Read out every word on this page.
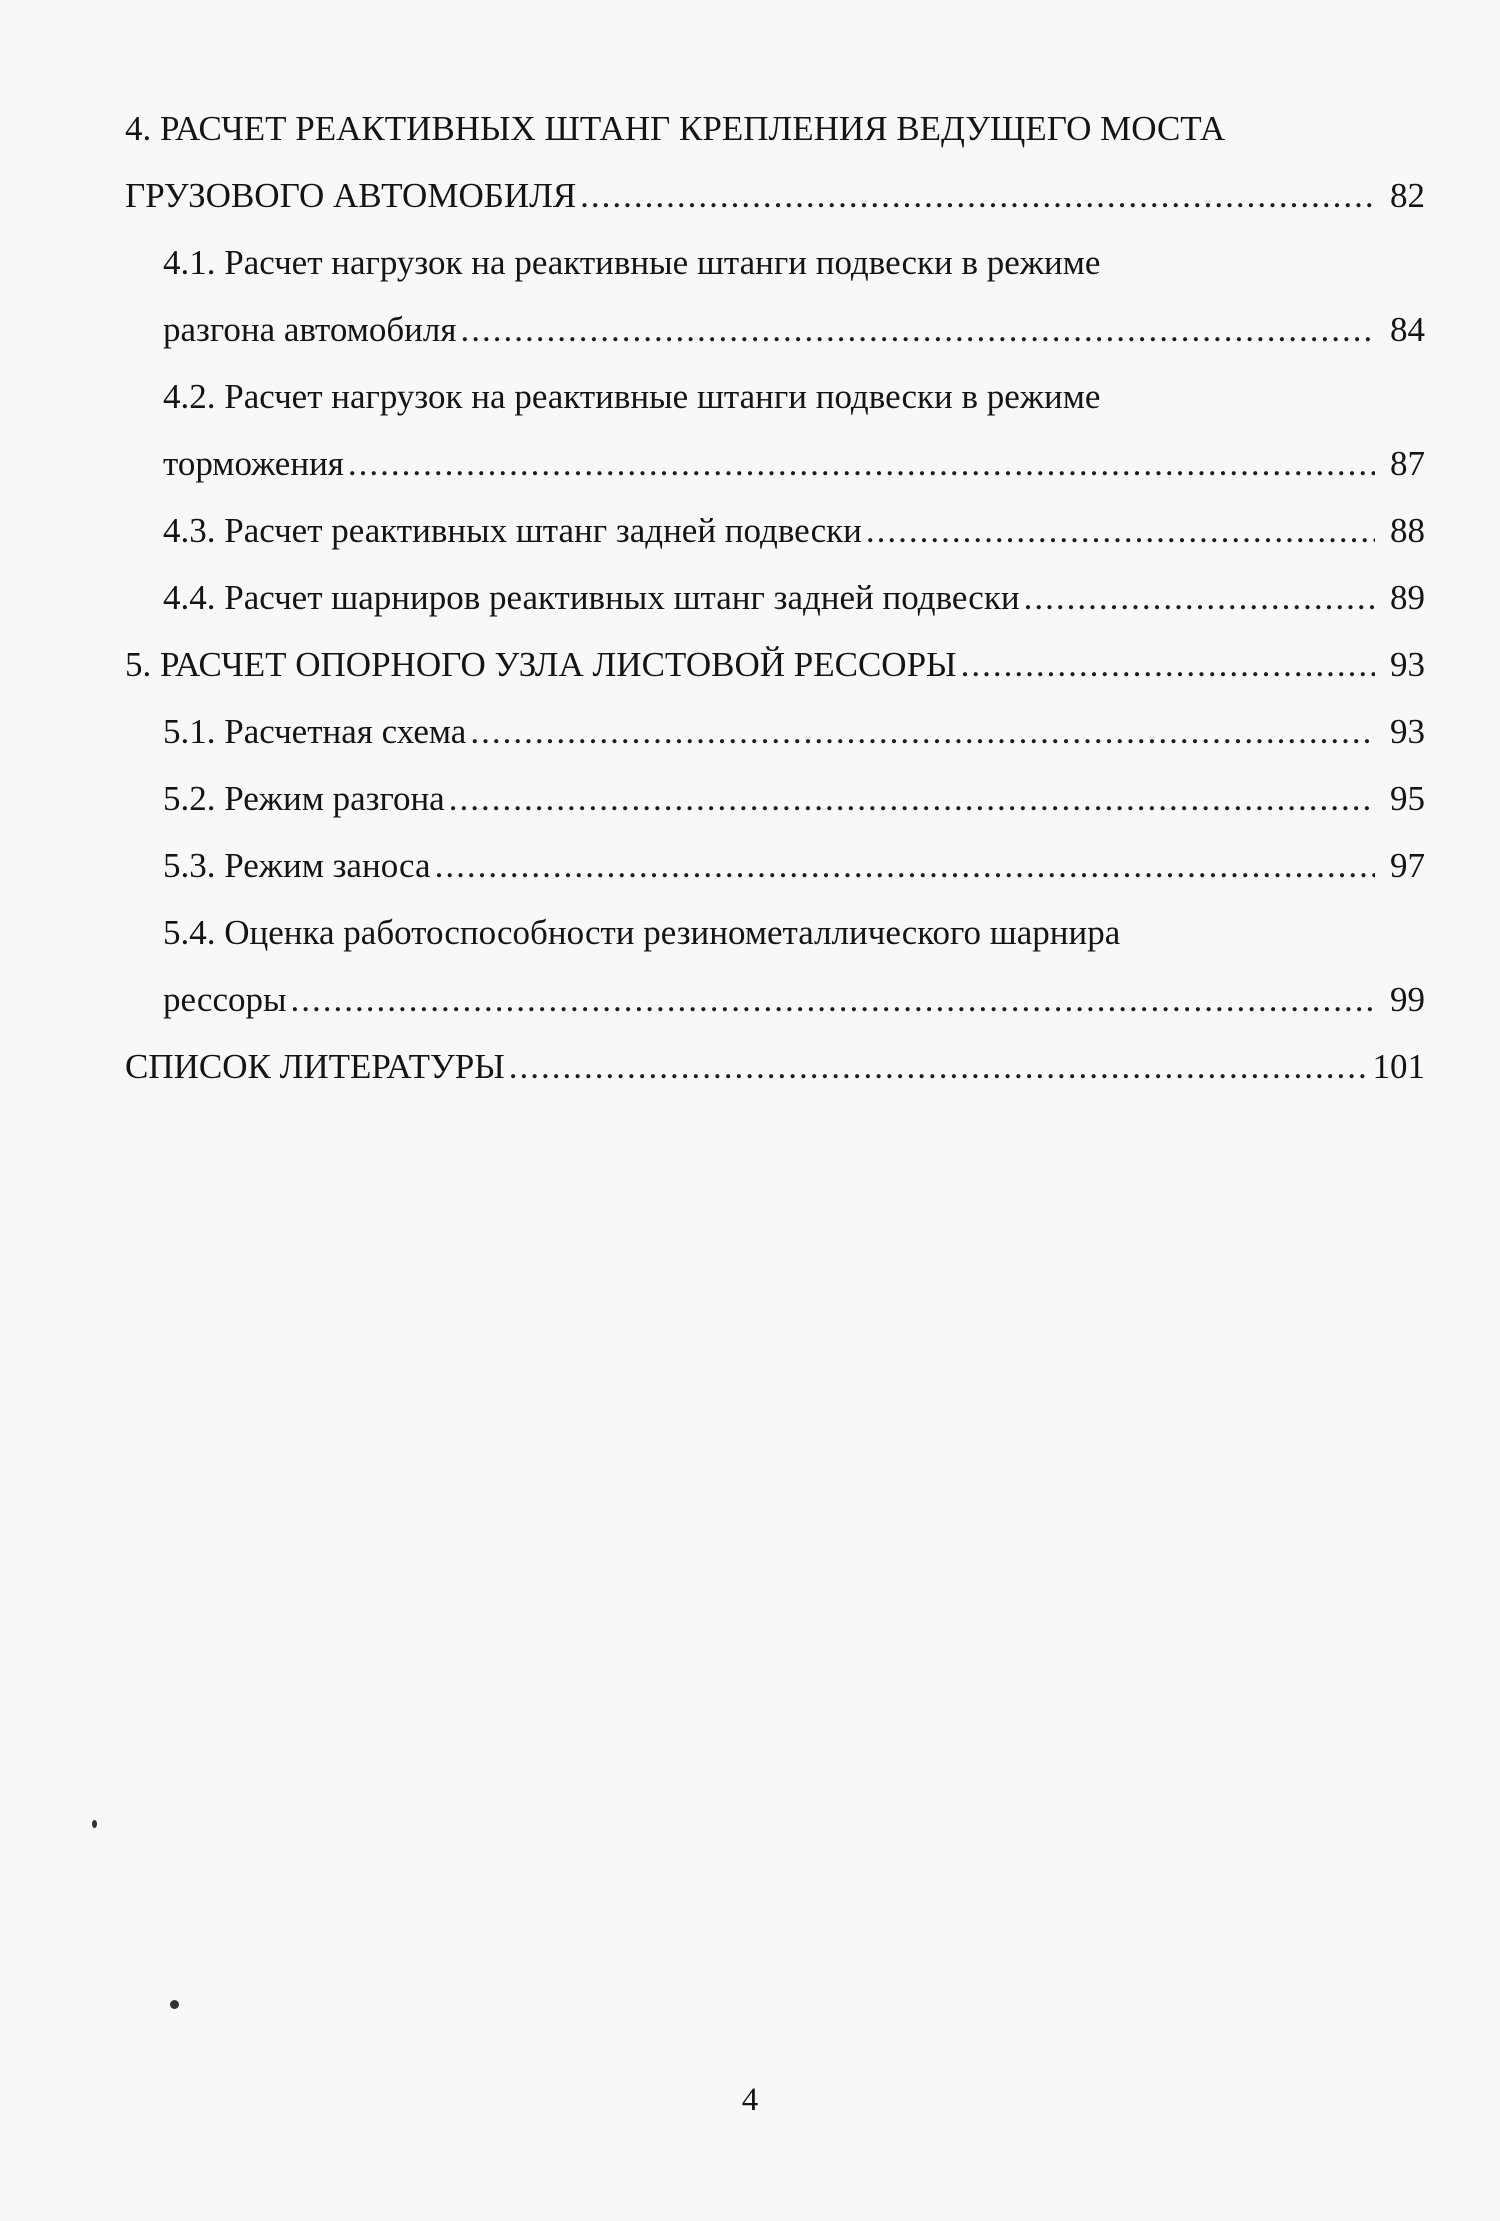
4. РАСЧЕТ РЕАКТИВНЫХ ШТАНГ КРЕПЛЕНИЯ ВЕДУЩЕГО МОСТА
ГРУЗОВОГО АВТОМОБИЛЯ .....	82
4.1. Расчет нагрузок на реактивные штанги подвески в режиме
разгона автомобиля .....	84
4.2. Расчет нагрузок на реактивные штанги подвески в режиме
торможения .....	87
4.3. Расчет реактивных штанг задней подвески .....	88
4.4. Расчет шарниров реактивных штанг задней подвески .....	89
5. РАСЧЕТ ОПОРНОГО УЗЛА ЛИСТОВОЙ РЕССОРЫ .....	93
5.1. Расчетная схема .....	93
5.2. Режим разгона .....	95
5.3. Режим заноса .....	97
5.4. Оценка работоспособности резинометаллического шарнира
рессоры .....	99
СПИСОК ЛИТЕРАТУРЫ .....	101
4
